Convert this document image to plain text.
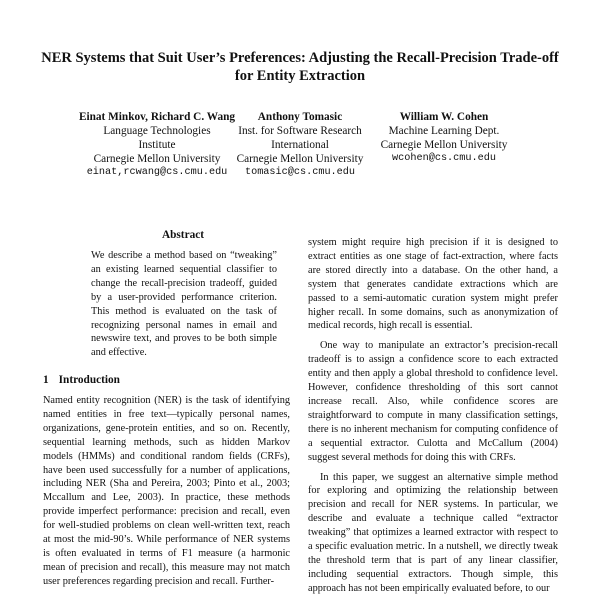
NER Systems that Suit User’s Preferences: Adjusting the Recall-Precision Trade-off for Entity Extraction
Einat Minkov, Richard C. Wang
Language Technologies Institute
Carnegie Mellon University
einat,rcwang@cs.cmu.edu
Anthony Tomasic
Inst. for Software Research International
Carnegie Mellon University
tomasic@cs.cmu.edu
William W. Cohen
Machine Learning Dept.
Carnegie Mellon University
wcohen@cs.cmu.edu
Abstract

We describe a method based on “tweaking” an existing learned sequential classifier to change the recall-precision tradeoff, guided by a user-provided performance criterion. This method is evaluated on the task of recognizing personal names in email and newswire text, and proves to be both simple and effective.

1 Introduction

Named entity recognition (NER) is the task of identifying named entities in free text—typically personal names, organizations, gene-protein entities, and so on. Recently, sequential learning methods, such as hidden Markov models (HMMs) and conditional random fields (CRFs), have been used successfully for a number of applications, including NER (Sha and Pereira, 2003; Pinto et al., 2003; Mccallum and Lee, 2003). In practice, these methods provide imperfect performance: precision and recall, even for well-studied problems on clean well-written text, reach at most the mid-90’s. While performance of NER systems is often evaluated in terms of F1 measure (a harmonic mean of precision and recall), this measure may not match user preferences regarding precision and recall. Further-

system might require high precision if it is designed to extract entities as one stage of fact-extraction, where facts are stored directly into a database. On the other hand, a system that generates candidate extractions which are passed to a semi-automatic curation system might prefer higher recall. In some domains, such as anonymization of medical records, high recall is essential.

One way to manipulate an extractor’s precision-recall tradeoff is to assign a confidence score to each extracted entity and then apply a global threshold to confidence level. However, confidence thresholding of this sort cannot increase recall. Also, while confidence scores are straightforward to compute in many classification settings, there is no inherent mechanism for computing confidence of a sequential extractor. Culotta and McCallum (2004) suggest several methods for doing this with CRFs.

In this paper, we suggest an alternative simple method for exploring and optimizing the relationship between precision and recall for NER systems. In particular, we describe and evaluate a technique called “extractor tweaking” that optimizes a learned extractor with respect to a specific evaluation metric. In a nutshell, we directly tweak the threshold term that is part of any linear classifier, including sequential extractors. Though simple, this approach has not been empirically evaluated before, to our
